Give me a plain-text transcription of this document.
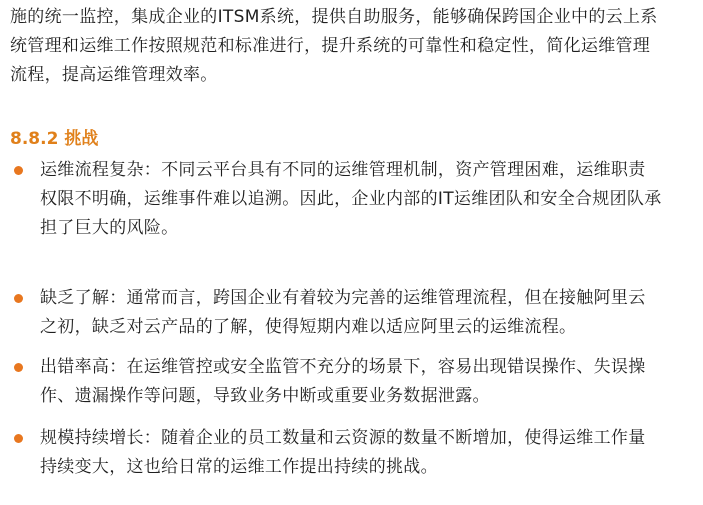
施的统一监控，集成企业的ITSM系统，提供自助服务，能够确保跨国企业中的云上系
统管理和运维工作按照规范和标准进行，提升系统的可靠性和稳定性，简化运维管理
流程，提高运维管理效率。

8.8.2 挑战

运维流程复杂：不同云平台具有不同的运维管理机制，资产管理困难，运维职责
权限不明确，运维事件难以追溯。因此，企业内部的IT运维团队和安全合规团队承
担了巨大的风险。

缺乏了解：通常而言，跨国企业有着较为完善的运维管理流程，但在接触阿里云
之初，缺乏对云产品的了解，使得短期内难以适应阿里云的运维流程。

出错率高：在运维管控或安全监管不充分的场景下，容易出现错误操作、失误操
作、遗漏操作等问题，导致业务中断或重要业务数据泄露。

规模持续增长：随着企业的员工数量和云资源的数量不断增加，使得运维工作量
持续变大，这也给日常的运维工作提出持续的挑战。
